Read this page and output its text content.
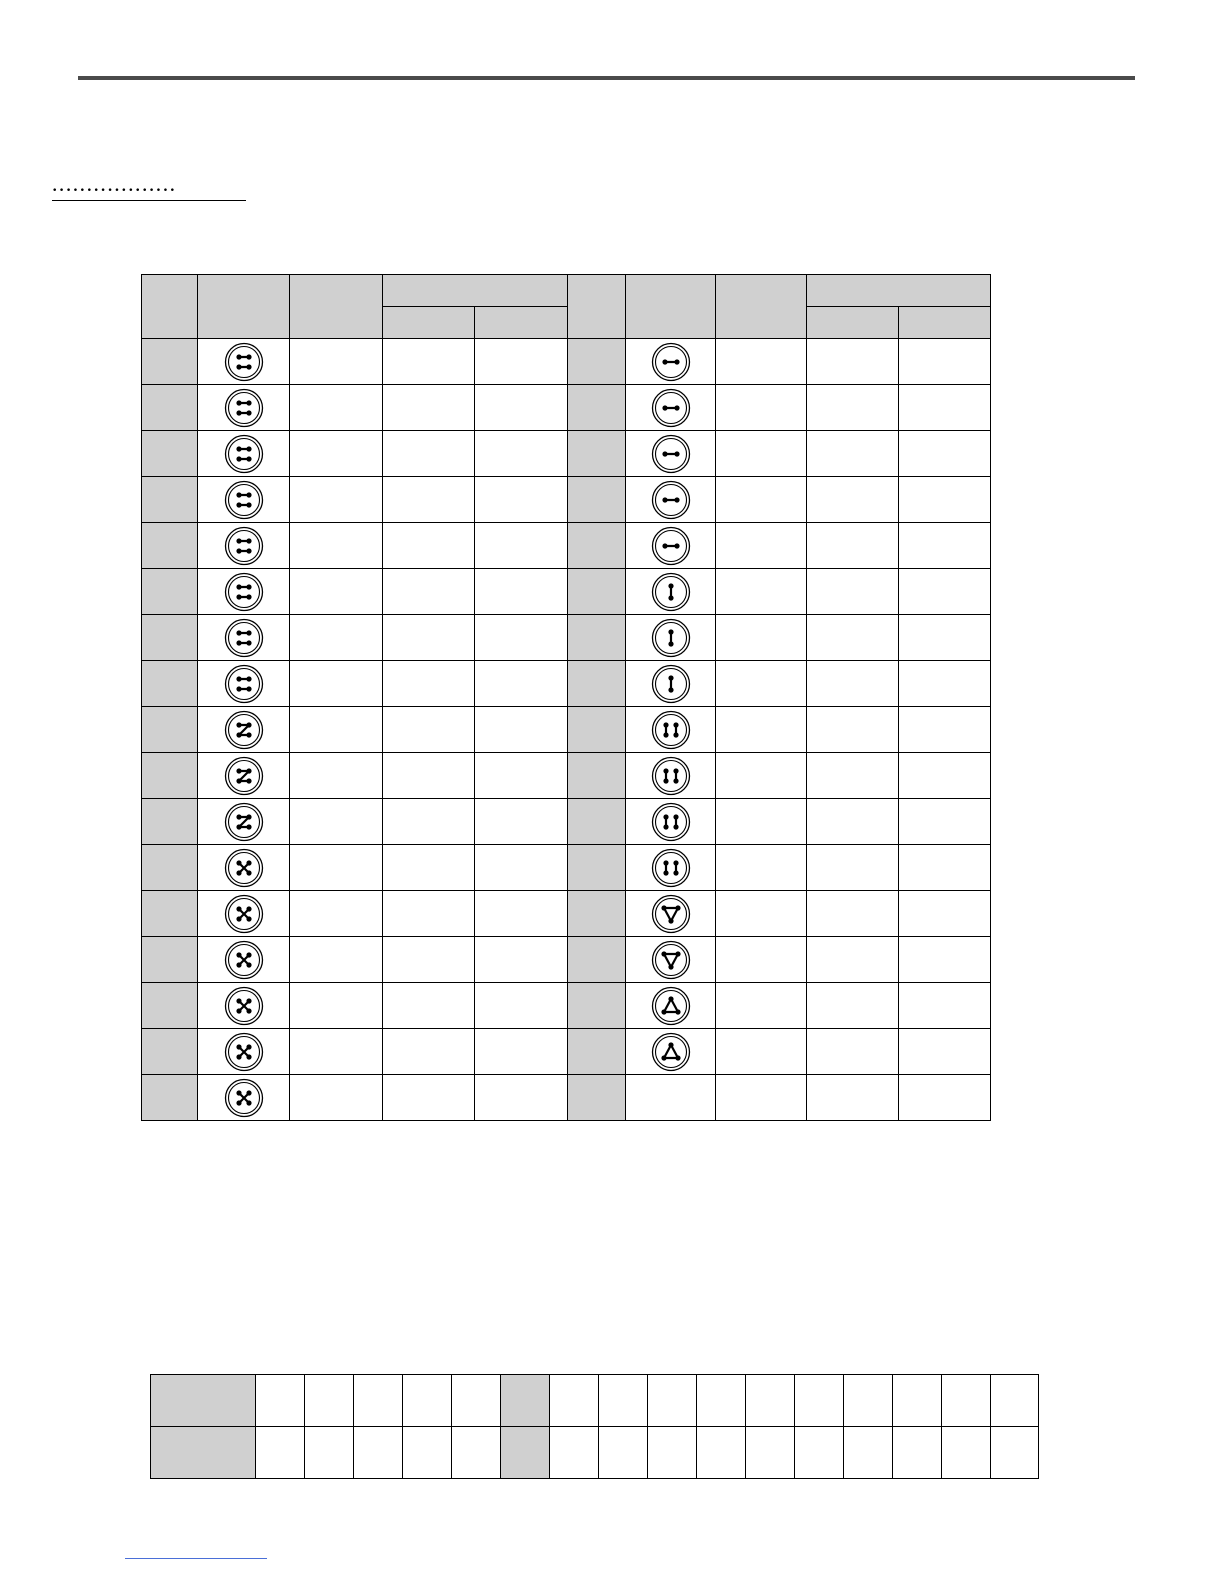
••••••••••••••••••
